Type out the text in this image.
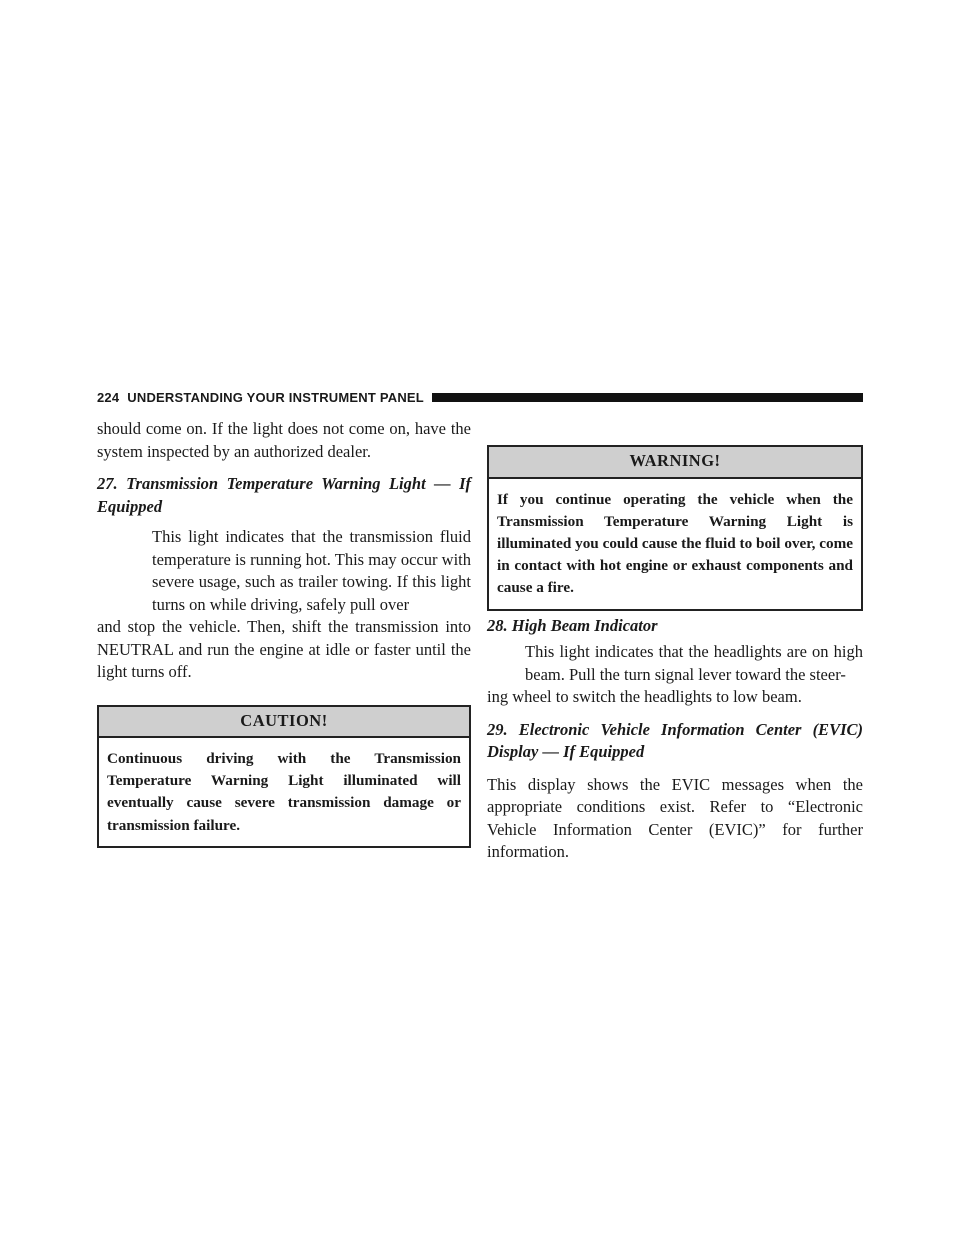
224 UNDERSTANDING YOUR INSTRUMENT PANEL

should come on. If the light does not come on, have the system inspected by an authorized dealer.

27. Transmission Temperature Warning Light — If Equipped

This light indicates that the transmission fluid temperature is running hot. This may occur with severe usage, such as trailer towing. If this light turns on while driving, safely pull over

and stop the vehicle. Then, shift the transmission into NEUTRAL and run the engine at idle or faster until the light turns off.

CAUTION!
Continuous driving with the Transmission Temperature Warning Light illuminated will eventually cause severe transmission damage or transmission failure.
WARNING!
If you continue operating the vehicle when the Transmission Temperature Warning Light is illuminated you could cause the fluid to boil over, come in contact with hot engine or exhaust components and cause a fire.

28. High Beam Indicator

This light indicates that the headlights are on high beam. Pull the turn signal lever toward the steer-

ing wheel to switch the headlights to low beam.

29. Electronic Vehicle Information Center (EVIC) Display — If Equipped

This display shows the EVIC messages when the appropriate conditions exist. Refer to “Electronic Vehicle Information Center (EVIC)” for further information.
